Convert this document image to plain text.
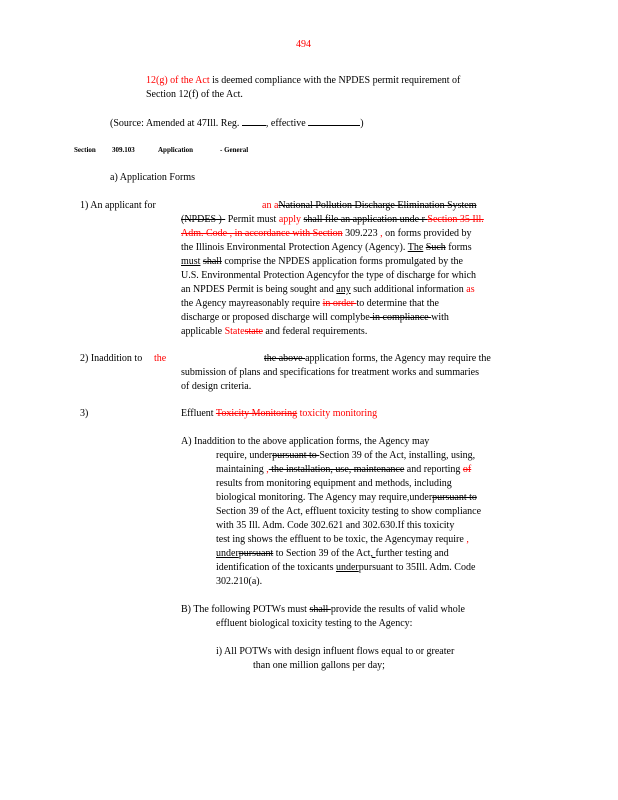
494
12(g) of the Act is deemed compliance with the NPDES permit requirement of
Section 12(f) of the Act.
(Source: Amended at 47Ill. Reg.	, effective	)
Section 309.103	Application	- General
a) Application Forms
1) An applicant for	an aNational Pollution Discharge Elimination System
(NPDES )- Permit must apply shall file an application unde r Section 35 Ill.
Adm. Code , in accordance with Section 309.223 , on forms provided by
the Illinois Environmental Protection Agency (Agency). The Such forms
must shall comprise the NPDES application forms promulgated by the
U.S. Environmental Protection Agencyfor the type of discharge for which
an NPDES Permit is being sought and any such additional information as
the Agency mayreasonably require in order to determine that the
discharge or proposed discharge will complybe in compliance with
applicable Statestate and federal requirements.
2) Inaddition to the	the above application forms, the Agency may require the
submission of plans and specifications for treatment works and summaries
of design criteria.
3)	Effluent Toxicity Monitoring toxicity monitoring
A) Inaddition to the above application forms, the Agency may
require, underpursuant to Section 39 of the Act, installing, using,
maintaining , the installation, use, maintenance and reporting of
results from monitoring equipment and methods, including
biological monitoring. The Agency may require,underpursuant to
Section 39 of the Act, effluent toxicity testing to show compliance
with 35 Ill. Adm. Code 302.621 and 302.630.If this toxicity
test ing shows the effluent to be toxic, the Agencymay require ,
underpursuant to Section 39 of the Act, further testing and
identification of the toxicants underpursuant to 35Ill. Adm. Code
302.210(a).
B) The following POTWs must shall provide the results of valid whole
effluent biological toxicity testing to the Agency:
i) All POTWs with design influent flows equal to or greater
than one million gallons per day;
